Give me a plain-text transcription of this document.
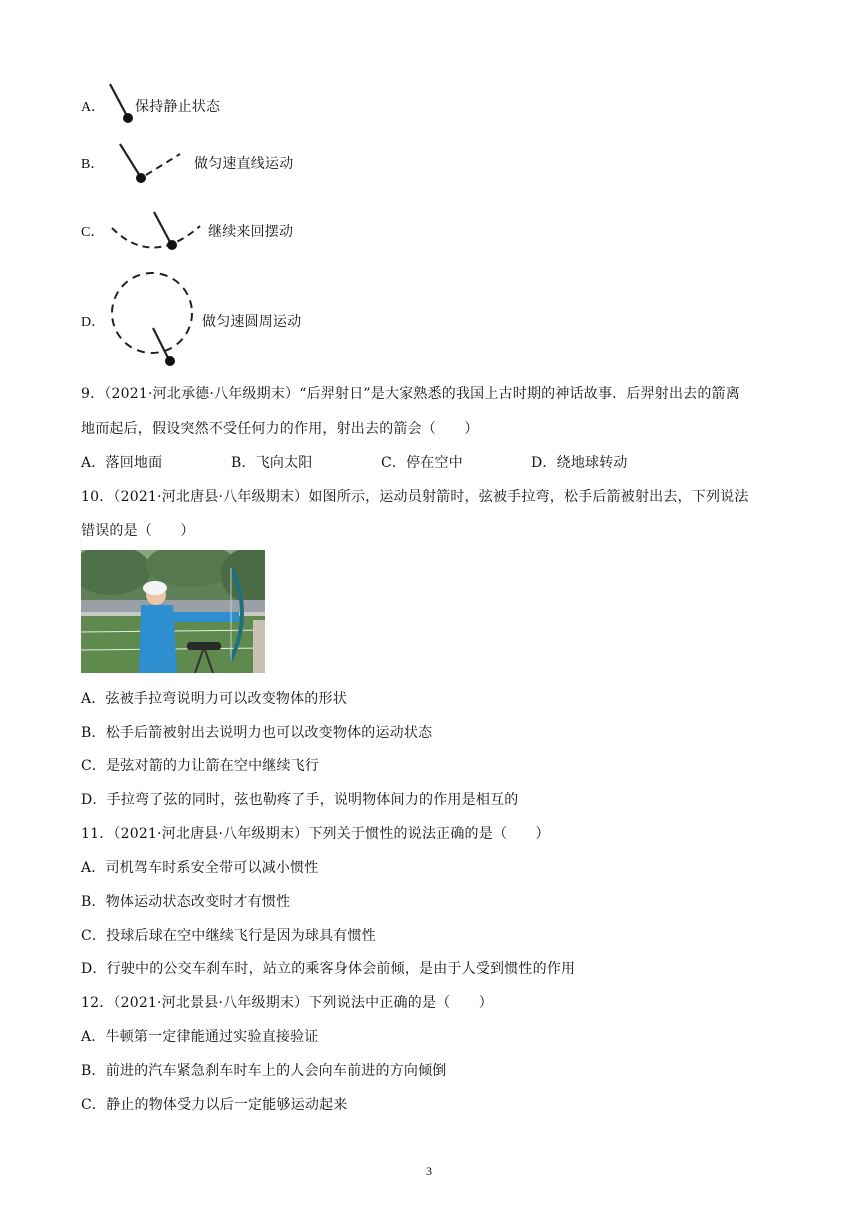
A． 保持静止状态
B．	做匀速直线运动
C．	继续来回摆动
D．	做匀速圆周运动
9．（2021·河北承德·八年级期末）“后羿射日”是大家熟悉的我国上古时期的神话故事．后羿射出去的箭离
地而起后，假设突然不受任何力的作用，射出去的箭会（　　）
A．落回地面	B．飞向太阳	C．停在空中	D．绕地球转动
10．（2021·河北唐县·八年级期末）如图所示，运动员射箭时，弦被手拉弯，松手后箭被射出去，下列说法
错误的是（　　）
A．弦被手拉弯说明力可以改变物体的形状
B．松手后箭被射出去说明力也可以改变物体的运动状态
C．是弦对箭的力让箭在空中继续飞行
D．手拉弯了弦的同时，弦也勒疼了手，说明物体间力的作用是相互的
11．（2021·河北唐县·八年级期末）下列关于惯性的说法正确的是（　　）
A．司机驾车时系安全带可以减小惯性
B．物体运动状态改变时才有惯性
C．投球后球在空中继续飞行是因为球具有惯性
D．行驶中的公交车刹车时，站立的乘客身体会前倾，是由于人受到惯性的作用
12．（2021·河北景县·八年级期末）下列说法中正确的是（　　）
A．牛顿第一定律能通过实验直接验证
B．前进的汽车紧急刹车时车上的人会向车前进的方向倾倒
C．静止的物体受力以后一定能够运动起来
3
